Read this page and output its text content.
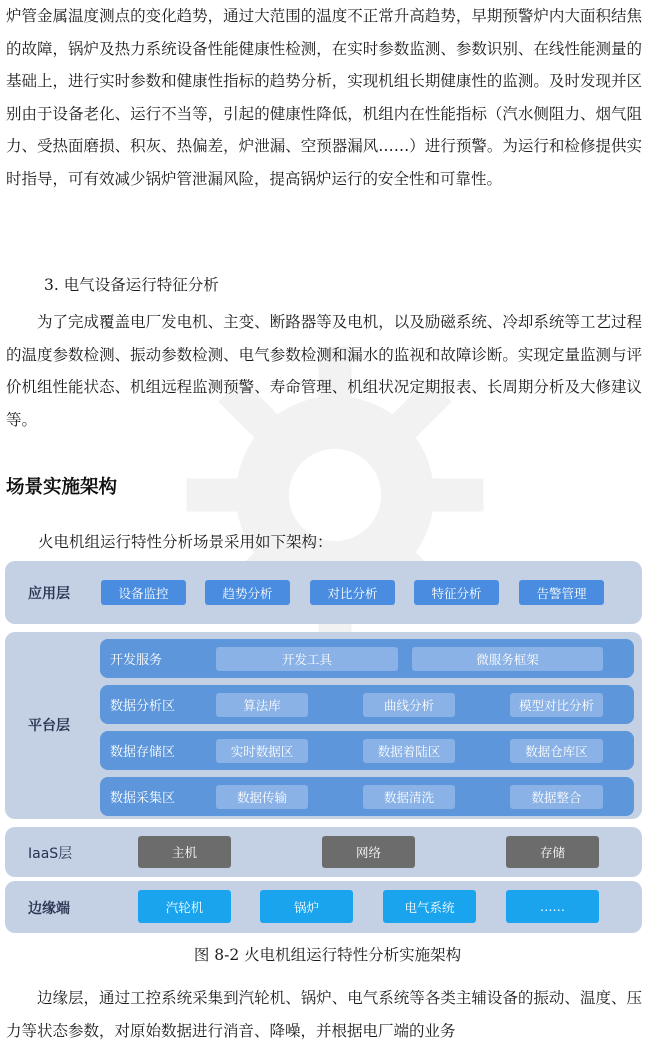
炉管金属温度测点的变化趋势，通过大范围的温度不正常升高趋势，早期预警炉内大面积结焦的故障，锅炉及热力系统设备性能健康性检测，在实时参数监测、参数识别、在线性能测量的基础上，进行实时参数和健康性指标的趋势分析，实现机组长期健康性的监测。及时发现并区别由于设备老化、运行不当等，引起的健康性降低，机组内在性能指标（汽水侧阻力、烟气阻力、受热面磨损、积灰、热偏差，炉泄漏、空预器漏风……）进行预警。为运行和检修提供实时指导，可有效减少锅炉管泄漏风险，提高锅炉运行的安全性和可靠性。

3. 电气设备运行特征分析

为了完成覆盖电厂发电机、主变、断路器等及电机，以及励磁系统、冷却系统等工艺过程的温度参数检测、振动参数检测、电气参数检测和漏水的监视和故障诊断。实现定量监测与评价机组性能状态、机组远程监测预警、寿命管理、机组状况定期报表、长周期分析及大修建议等。

场景实施架构

火电机组运行特性分析场景采用如下架构：

应用层	设备监控	趋势分析	对比分析	特征分析	告警管理
平台层
开发服务	开发工具	微服务框架
数据分析区	算法库	曲线分析	模型对比分析
数据存储区	实时数据区	数据着陆区	数据仓库区
数据采集区	数据传输	数据清洗	数据整合
IaaS层	主机	网络	存储
边缘端	汽轮机	锅炉	电气系统	……

图 8-2 火电机组运行特性分析实施架构

边缘层，通过工控系统采集到汽轮机、锅炉、电气系统等各类主辅设备的振动、温度、压力等状态参数，对原始数据进行消音、降噪，并根据电厂端的业务
